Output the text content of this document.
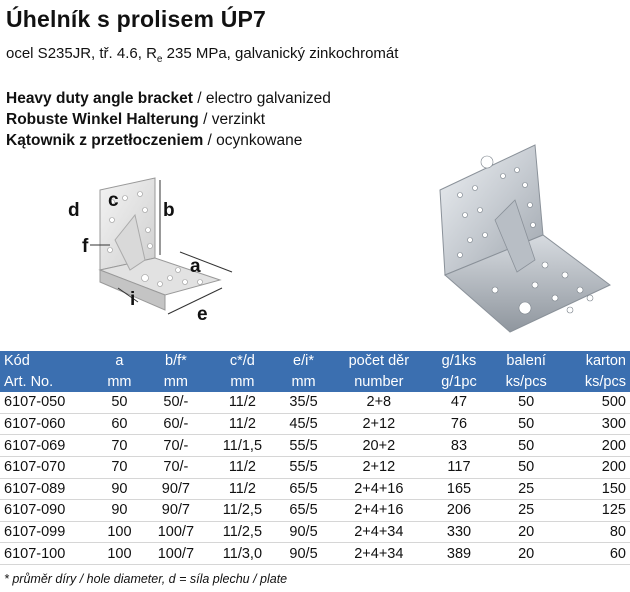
Úhelník s prolisem ÚP7
ocel S235JR, tř. 4.6, $R_e$ 235 MPa, galvanický zinkochromát
Heavy duty angle bracket / electro galvanized
Robuste Winkel Halterung / verzinkt
Kątownik z przetłoczeniem / ocynkowane
d c b
f
a
i
e
Kód	a	b/f*	c*/d	e/i*	počet děr	g/1ks	balení	karton
Art. No.	mm	mm	mm	mm	number	g/1pc	ks/pcs	ks/pcs
6107-050	50	50/-	11/2	35/5	2+8	47	50	500
6107-060	60	60/-	11/2	45/5	2+12	76	50	300
6107-069	70	70/-	11/1,5	55/5	20+2	83	50	200
6107-070	70	70/-	11/2	55/5	2+12	117	50	200
6107-089	90	90/7	11/2	65/5	2+4+16	165	25	150
6107-090	90	90/7	11/2,5	65/5	2+4+16	206	25	125
6107-099	100	100/7	11/2,5	90/5	2+4+34	330	20	80
6107-100	100	100/7	11/3,0	90/5	2+4+34	389	20	60
* průměr díry / hole diameter, d = síla plechu / plate
